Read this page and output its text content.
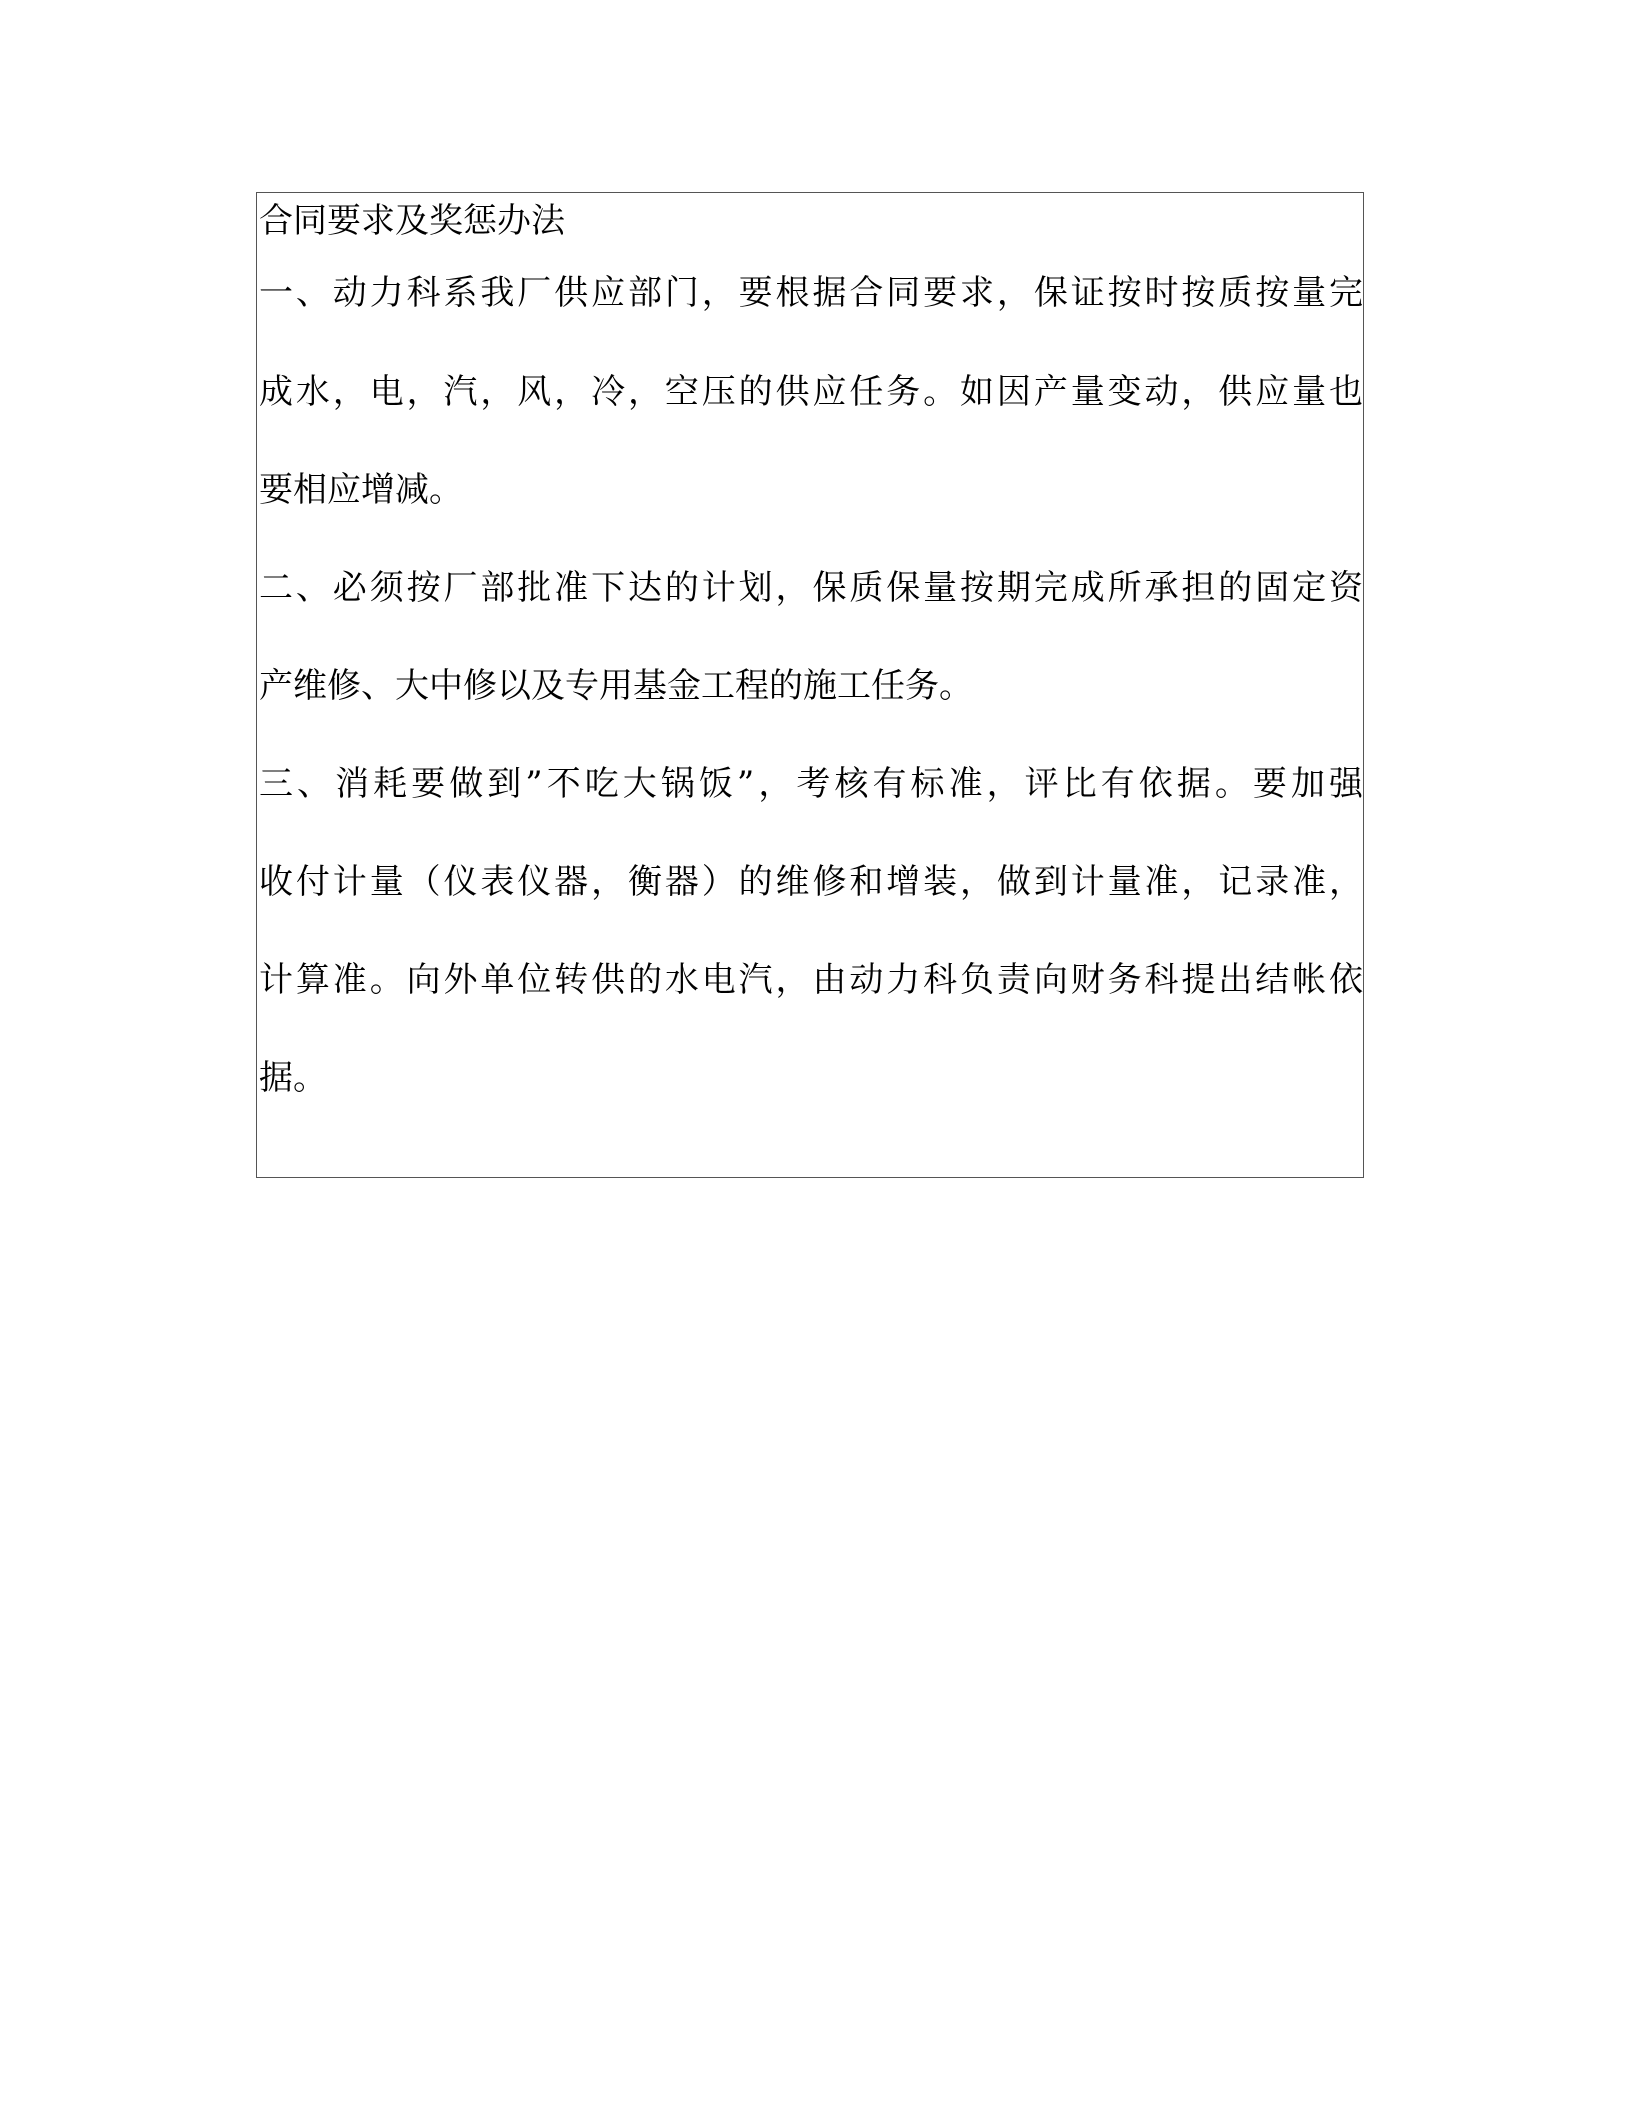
合同要求及奖惩办法
一、动力科系我厂供应部门，要根据合同要求，保证按时按质按量完
成水，电，汽，风，冷，空压的供应任务。如因产量变动，供应量也
要相应增减。
二、必须按厂部批准下达的计划，保质保量按期完成所承担的固定资
产维修、大中修以及专用基金工程的施工任务。
三、消耗要做到”不吃大锅饭”，考核有标准，评比有依据。要加强
收付计量（仪表仪器，衡器）的维修和增装，做到计量准，记录准，
计算准。向外单位转供的水电汽，由动力科负责向财务科提出结帐依
据。
